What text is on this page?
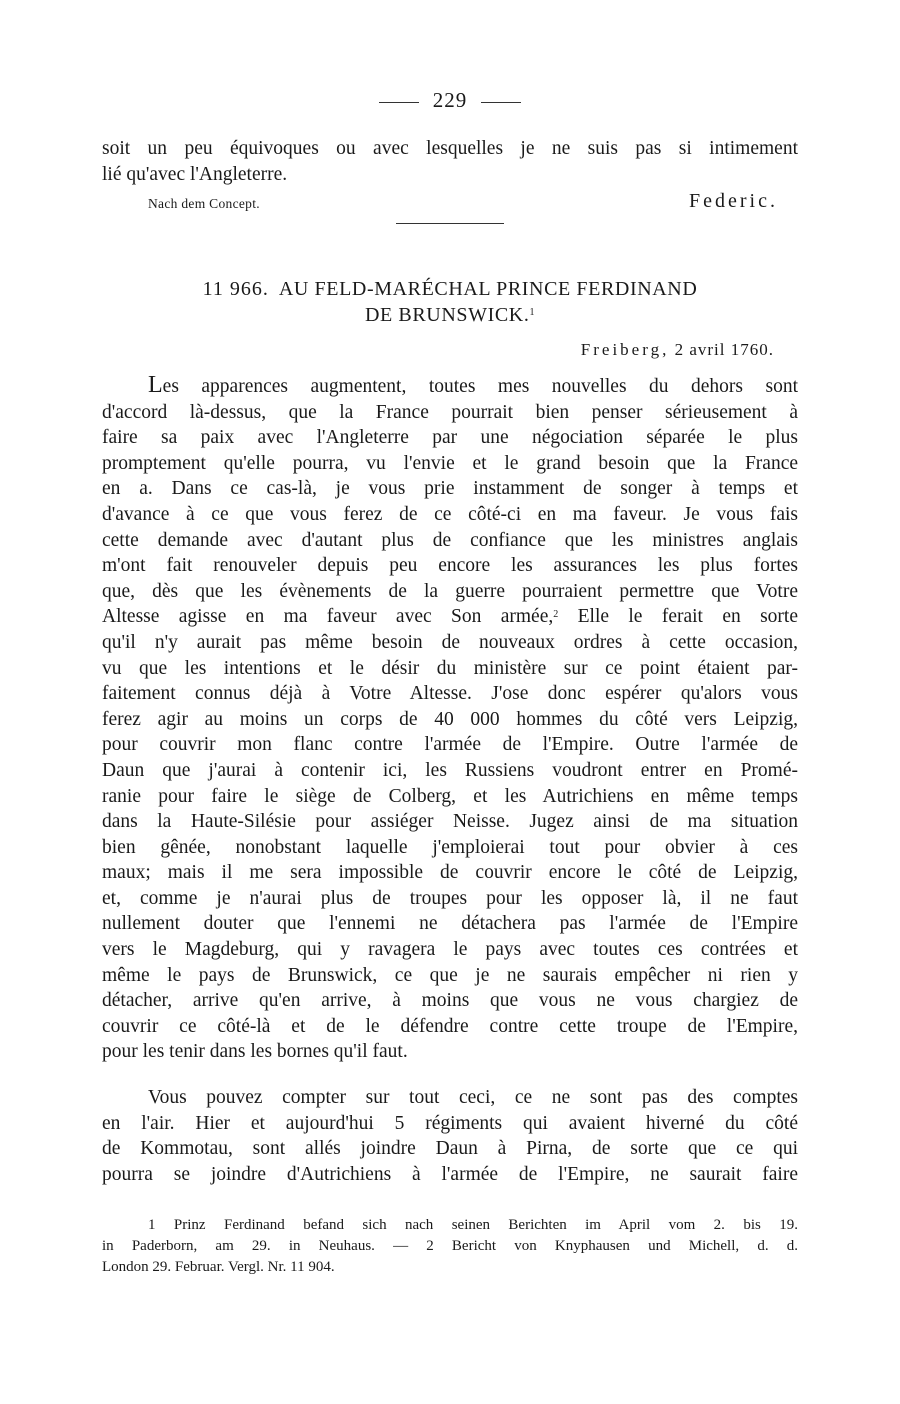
229
soit un peu équivoques ou avec lesquelles je ne suis pas si intimement
lié qu'avec l'Angleterre.
Nach dem Concept.	Federic.
11 966. AU FELD-MARÉCHAL PRINCE FERDINAND
DE BRUNSWICK.$^1$
Freiberg, 2 avril 1760.
Les apparences augmentent, toutes mes nouvelles du dehors sont
d'accord là-dessus, que la France pourrait bien penser sérieusement à
faire sa paix avec l'Angleterre par une négociation séparée le plus
promptement qu'elle pourra, vu l'envie et le grand besoin que la France
en a. Dans ce cas-là, je vous prie instamment de songer à temps et
d'avance à ce que vous ferez de ce côté-ci en ma faveur. Je vous fais
cette demande avec d'autant plus de confiance que les ministres anglais
m'ont fait renouveler depuis peu encore les assurances les plus fortes
que, dès que les évènements de la guerre pourraient permettre que Votre
Altesse agisse en ma faveur avec Son armée,$^2$ Elle le ferait en sorte
qu'il n'y aurait pas même besoin de nouveaux ordres à cette occasion,
vu que les intentions et le désir du ministère sur ce point étaient par-
faitement connus déjà à Votre Altesse. J'ose donc espérer qu'alors vous
ferez agir au moins un corps de 40 000 hommes du côté vers Leipzig,
pour couvrir mon flanc contre l'armée de l'Empire. Outre l'armée de
Daun que j'aurai à contenir ici, les Russiens voudront entrer en Promé-
ranie pour faire le siège de Colberg, et les Autrichiens en même temps
dans la Haute-Silésie pour assiéger Neisse. Jugez ainsi de ma situation
bien gênée, nonobstant laquelle j'emploierai tout pour obvier à ces
maux; mais il me sera impossible de couvrir encore le côté de Leipzig,
et, comme je n'aurai plus de troupes pour les opposer là, il ne faut
nullement douter que l'ennemi ne détachera pas l'armée de l'Empire
vers le Magdeburg, qui y ravagera le pays avec toutes ces contrées et
même le pays de Brunswick, ce que je ne saurais empêcher ni rien y
détacher, arrive qu'en arrive, à moins que vous ne vous chargiez de
couvrir ce côté-là et de le défendre contre cette troupe de l'Empire,
pour les tenir dans les bornes qu'il faut.
Vous pouvez compter sur tout ceci, ce ne sont pas des comptes
en l'air. Hier et aujourd'hui 5 régiments qui avaient hiverné du côté
de Kommotau, sont allés joindre Daun à Pirna, de sorte que ce qui
pourra se joindre d'Autrichiens à l'armée de l'Empire, ne saurait faire
1 Prinz Ferdinand befand sich nach seinen Berichten im April vom 2. bis 19.
in Paderborn, am 29. in Neuhaus. — 2 Bericht von Knyphausen und Michell, d. d.
London 29. Februar. Vergl. Nr. 11 904.
